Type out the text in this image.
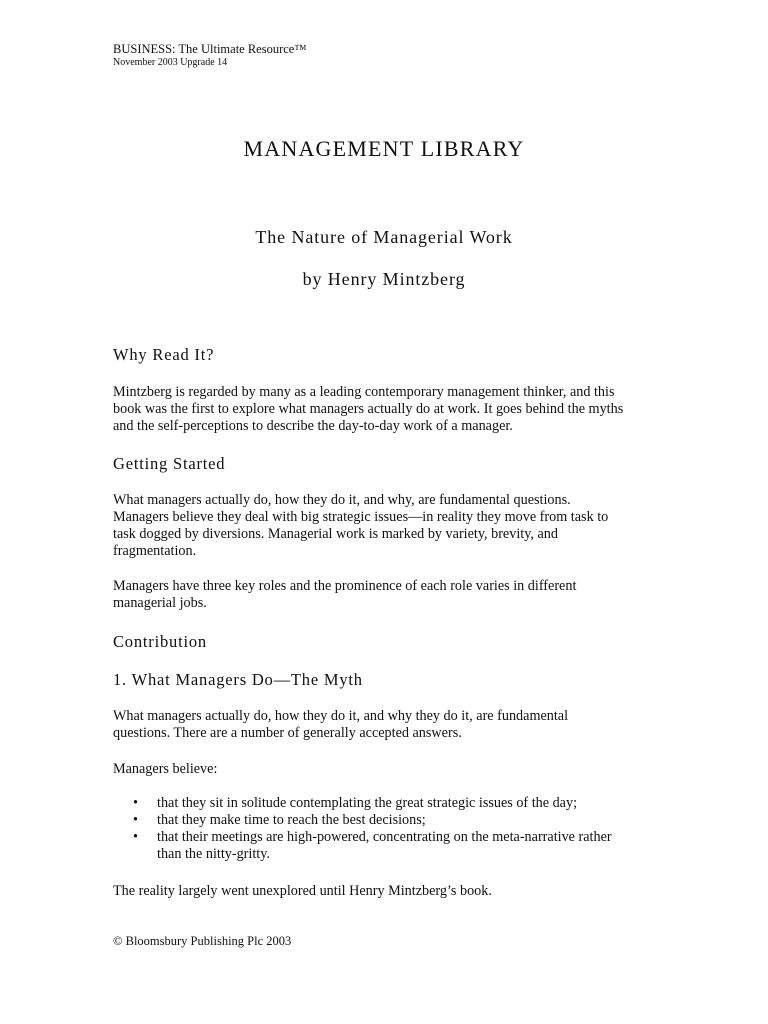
BUSINESS: The Ultimate Resource™
November 2003 Upgrade 14
MANAGEMENT LIBRARY
The Nature of Managerial Work
by Henry Mintzberg
Why Read It?
Mintzberg is regarded by many as a leading contemporary management thinker, and this
book was the first to explore what managers actually do at work. It goes behind the myths
and the self-perceptions to describe the day-to-day work of a manager.
Getting Started
What managers actually do, how they do it, and why, are fundamental questions.
Managers believe they deal with big strategic issues—in reality they move from task to
task dogged by diversions. Managerial work is marked by variety, brevity, and
fragmentation.
Managers have three key roles and the prominence of each role varies in different
managerial jobs.
Contribution
1. What Managers Do—The Myth
What managers actually do, how they do it, and why they do it, are fundamental
questions. There are a number of generally accepted answers.
Managers believe:
• that they sit in solitude contemplating the great strategic issues of the day;
• that they make time to reach the best decisions;
• that their meetings are high-powered, concentrating on the meta-narrative rather
than the nitty-gritty.
The reality largely went unexplored until Henry Mintzberg’s book.
© Bloomsbury Publishing Plc 2003
